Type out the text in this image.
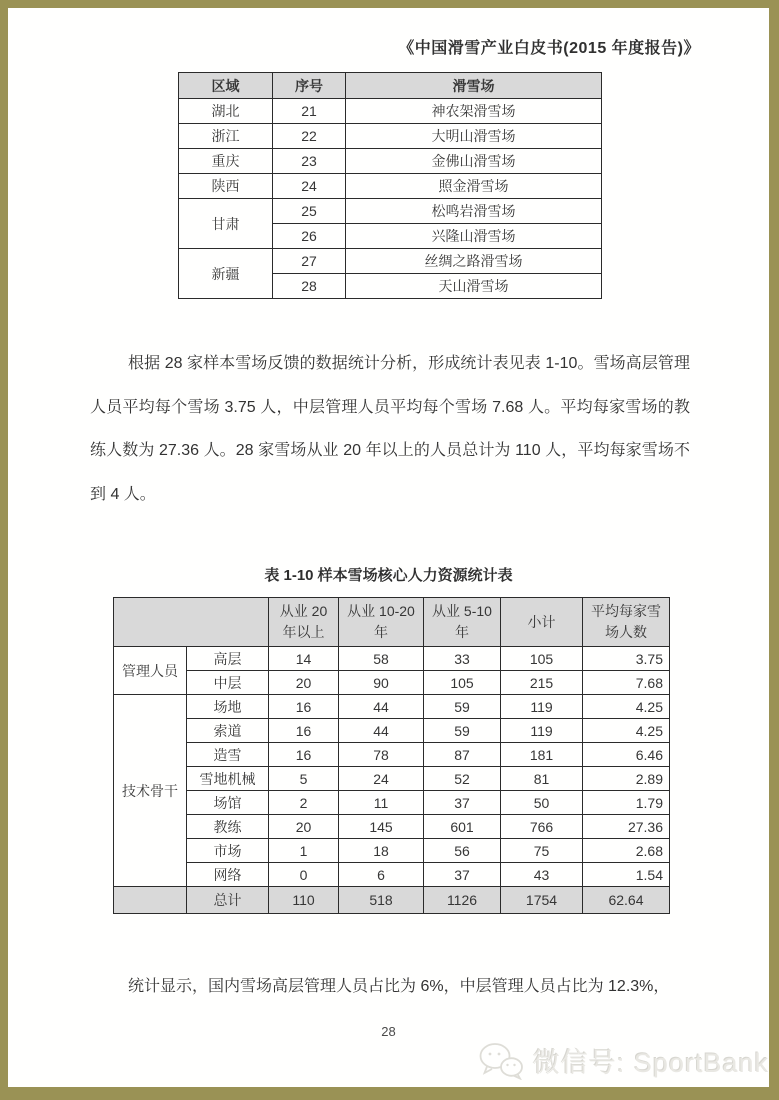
《中国滑雪产业白皮书(2015 年度报告)》
区域	序号	滑雪场
湖北	21	神农架滑雪场
浙江	22	大明山滑雪场
重庆	23	金佛山滑雪场
陕西	24	照金滑雪场
甘肃	25	松鸣岩滑雪场
	26	兴隆山滑雪场
新疆	27	丝绸之路滑雪场
	28	天山滑雪场

根据 28 家样本雪场反馈的数据统计分析，形成统计表见表 1-10。雪场高层管理人员平均每个雪场 3.75 人，中层管理人员平均每个雪场 7.68 人。平均每家雪场的教练人数为 27.36 人。28 家雪场从业 20 年以上的人员总计为 110 人，平均每家雪场不到 4 人。

表 1-10 样本雪场核心人力资源统计表
		从业 20 年以上	从业 10-20 年	从业 5-10 年	小计	平均每家雪场人数
管理人员	高层	14	58	33	105	3.75
	中层	20	90	105	215	7.68
技术骨干	场地	16	44	59	119	4.25
	索道	16	44	59	119	4.25
	造雪	16	78	87	181	6.46
	雪地机械	5	24	52	81	2.89
	场馆	2	11	37	50	1.79
	教练	20	145	601	766	27.36
	市场	1	18	56	75	2.68
	网络	0	6	37	43	1.54
	总计	110	518	1126	1754	62.64

统计显示，国内雪场高层管理人员占比为 6%，中层管理人员占比为 12.3%，

28
微信号: SportBank
